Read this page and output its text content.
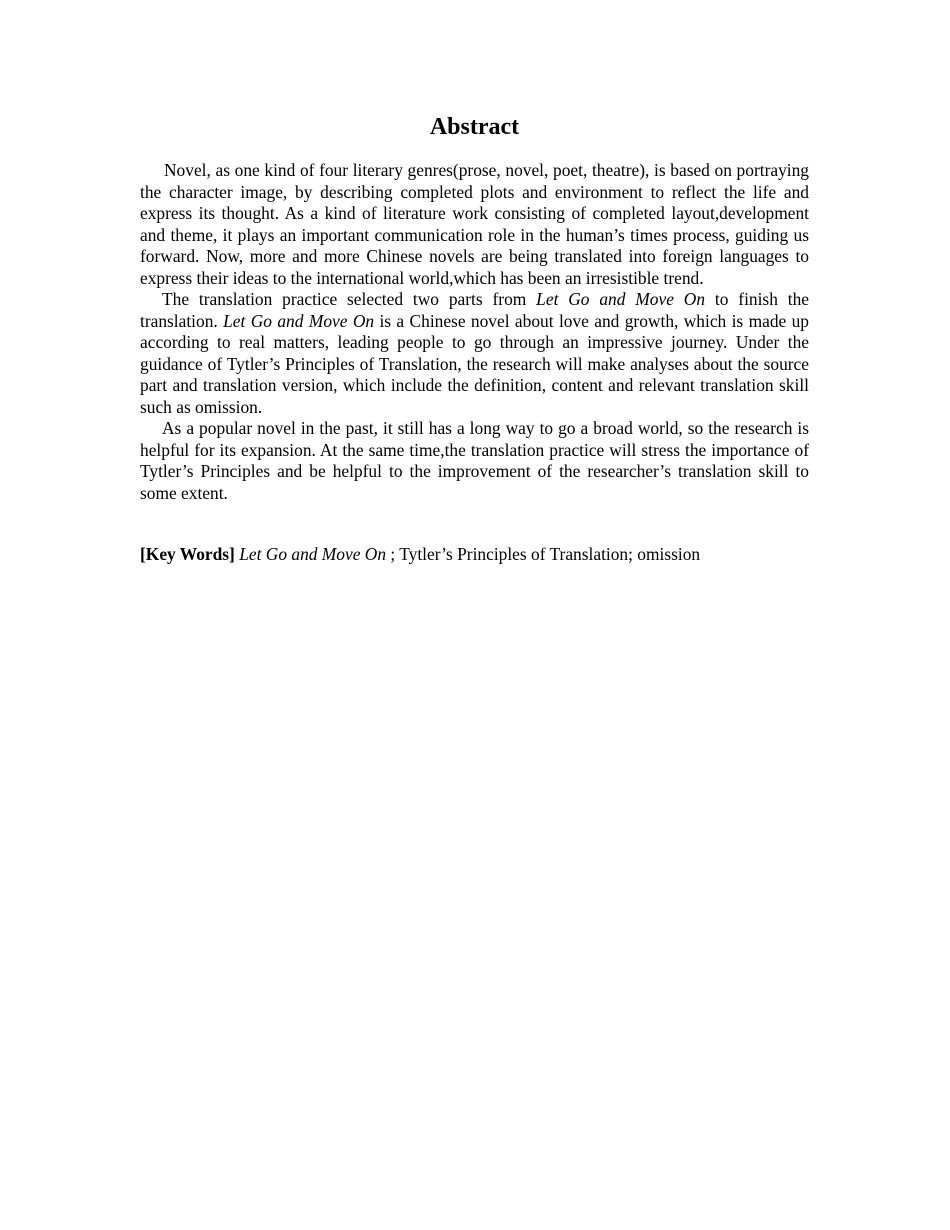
Abstract

Novel, as one kind of four literary genres(prose, novel, poet, theatre), is based on portraying the character image, by describing completed plots and environment to reflect the life and express its thought. As a kind of literature work consisting of completed layout,development and theme, it plays an important communication role in the human’s times process, guiding us forward. Now, more and more Chinese novels are being translated into foreign languages to express their ideas to the international world,which has been an irresistible trend.

The translation practice selected two parts from Let Go and Move On to finish the translation. Let Go and Move On is a Chinese novel about love and growth, which is made up according to real matters, leading people to go through an impressive journey. Under the guidance of Tytler’s Principles of Translation, the research will make analyses about the source part and translation version, which include the definition, content and relevant translation skill such as omission.

As a popular novel in the past, it still has a long way to go a broad world, so the research is helpful for its expansion. At the same time,the translation practice will stress the importance of Tytler’s Principles and be helpful to the improvement of the researcher’s translation skill to some extent.

[Key Words] Let Go and Move On ; Tytler’s Principles of Translation; omission
